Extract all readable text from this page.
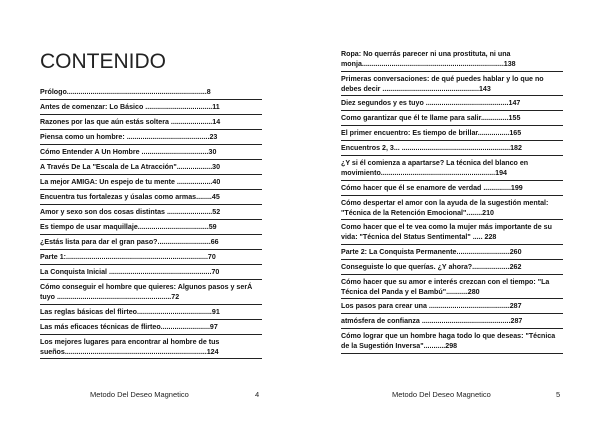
CONTENIDO
Prólogo.......................................................................8
Antes de comenzar: Lo Básico ..................................11
Razones por las que aún estás soltera .....................14
Piensa como un hombre: ..........................................23
Cómo Entender A Un Hombre ..................................30
A Través De La "Escala de La Atracción"..................30
La mejor AMIGA: Un espejo de tu mente ..................40
Encuentra tus fortalezas y úsalas como armas........45
Amor y sexo son dos cosas distintas .......................52
Es tiempo de usar maquillaje....................................59
¿Estás lista para dar el gran paso?...........................66
Parte 1:........................................................................70
La Conquista Inicial ....................................................70
Cómo conseguir el hombre que quieres: Algunos pasos y serÁ tuyo ..........................................................72
Las reglas básicas del flirteo......................................91
Las más eficaces técnicas de flirteo.........................97
Los mejores lugares para encontrar al hombre de tus sueños........................................................................124
Metodo Del Deseo Magnetico	4
Ropa: No querrás parecer ni una prostituta, ni una monja........................................................................138
Primeras conversaciones: de qué puedes hablar y lo que no debes decir .................................................143
Diez segundos y es tuyo ..........................................147
Como garantizar que él te llame para salir..............155
El primer encuentro: Es tiempo de brillar................165
Encuentros 2, 3... .......................................................182
¿Y si él comienza a apartarse? La técnica del blanco en movimiento..........................................................194
Cómo hacer que él se enamore de verdad ..............199
Cómo despertar el amor con la ayuda de la sugestión mental: "Técnica de la Retención Emocional"........210
Como hacer que el te vea como la mujer más importante de su vida: "Técnica del Status Sentimental" ..... 228
Parte 2: La Conquista Permanente...........................260
Conseguiste lo que querías. ¿Y ahora?...................262
Cómo hacer que su amor e interés crezcan con el tiempo: "La Técnica del Panda y el Bambú"...........280
Los pasos para crear una .........................................287
atmósfera de confianza .............................................287
Cómo lograr que un hombre haga todo lo que deseas: "Técnica de la Sugestión Inversa"...........298
Metodo Del Deseo Magnetico	5
